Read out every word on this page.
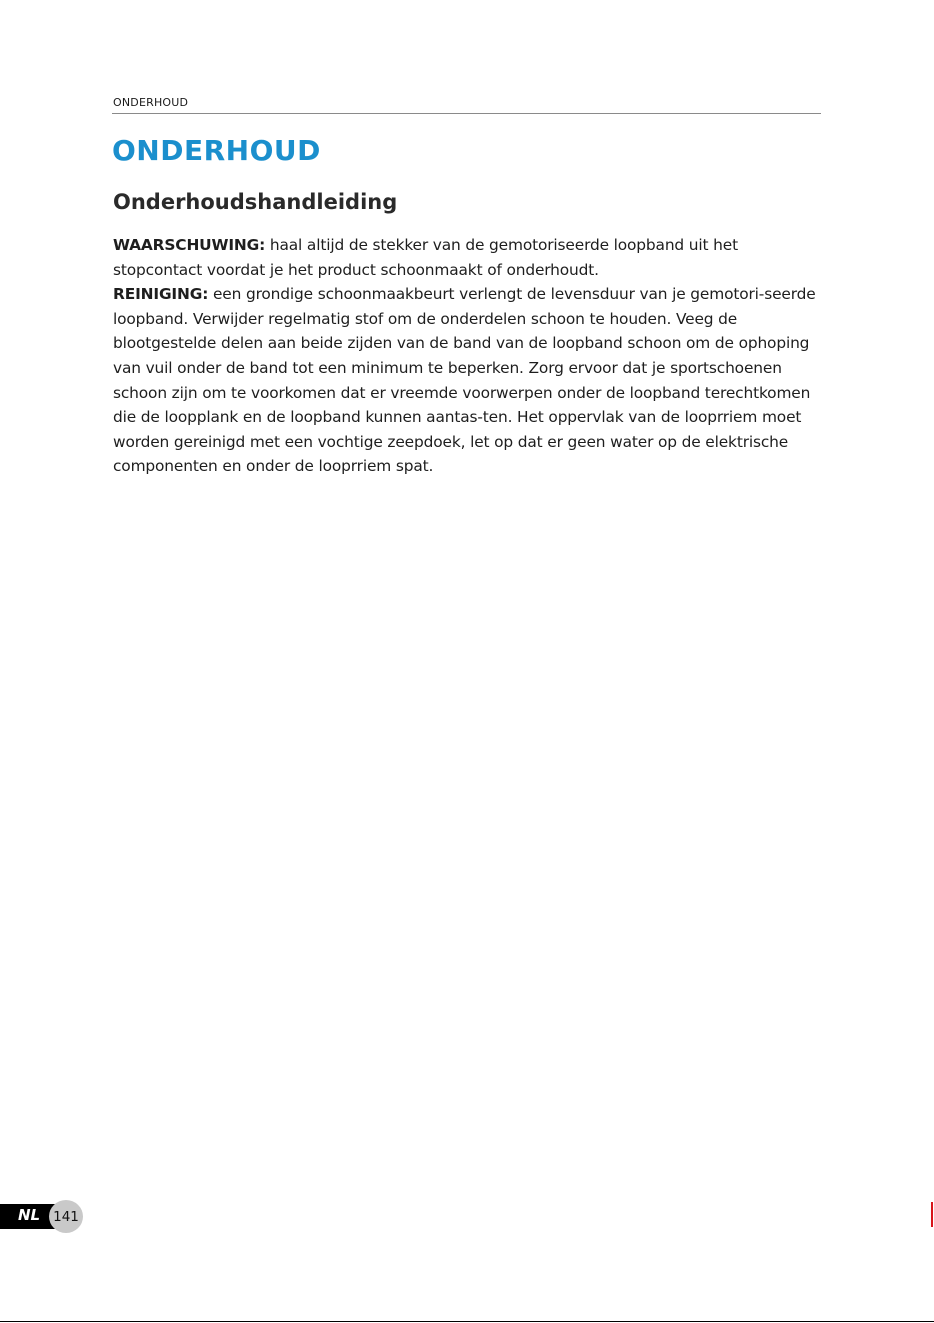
ONDERHOUD
ONDERHOUD
Onderhoudshandleiding

WAARSCHUWING: haal altijd de stekker van de gemotoriseerde loopband uit het stopcontact voordat je het product schoonmaakt of onderhoudt.

REINIGING: een grondige schoonmaakbeurt verlengt de levensduur van je gemotori-seerde loopband. Verwijder regelmatig stof om de onderdelen schoon te houden. Veeg de blootgestelde delen aan beide zijden van de band van de loopband schoon om de ophoping van vuil onder de band tot een minimum te beperken. Zorg ervoor dat je sportschoenen schoon zijn om te voorkomen dat er vreemde voorwerpen onder de loopband terechtkomen die de loopplank en de loopband kunnen aantas-ten. Het oppervlak van de looprriem moet worden gereinigd met een vochtige zeepdoek, let op dat er geen water op de elektrische componenten en onder de looprriem spat.

NL 141
